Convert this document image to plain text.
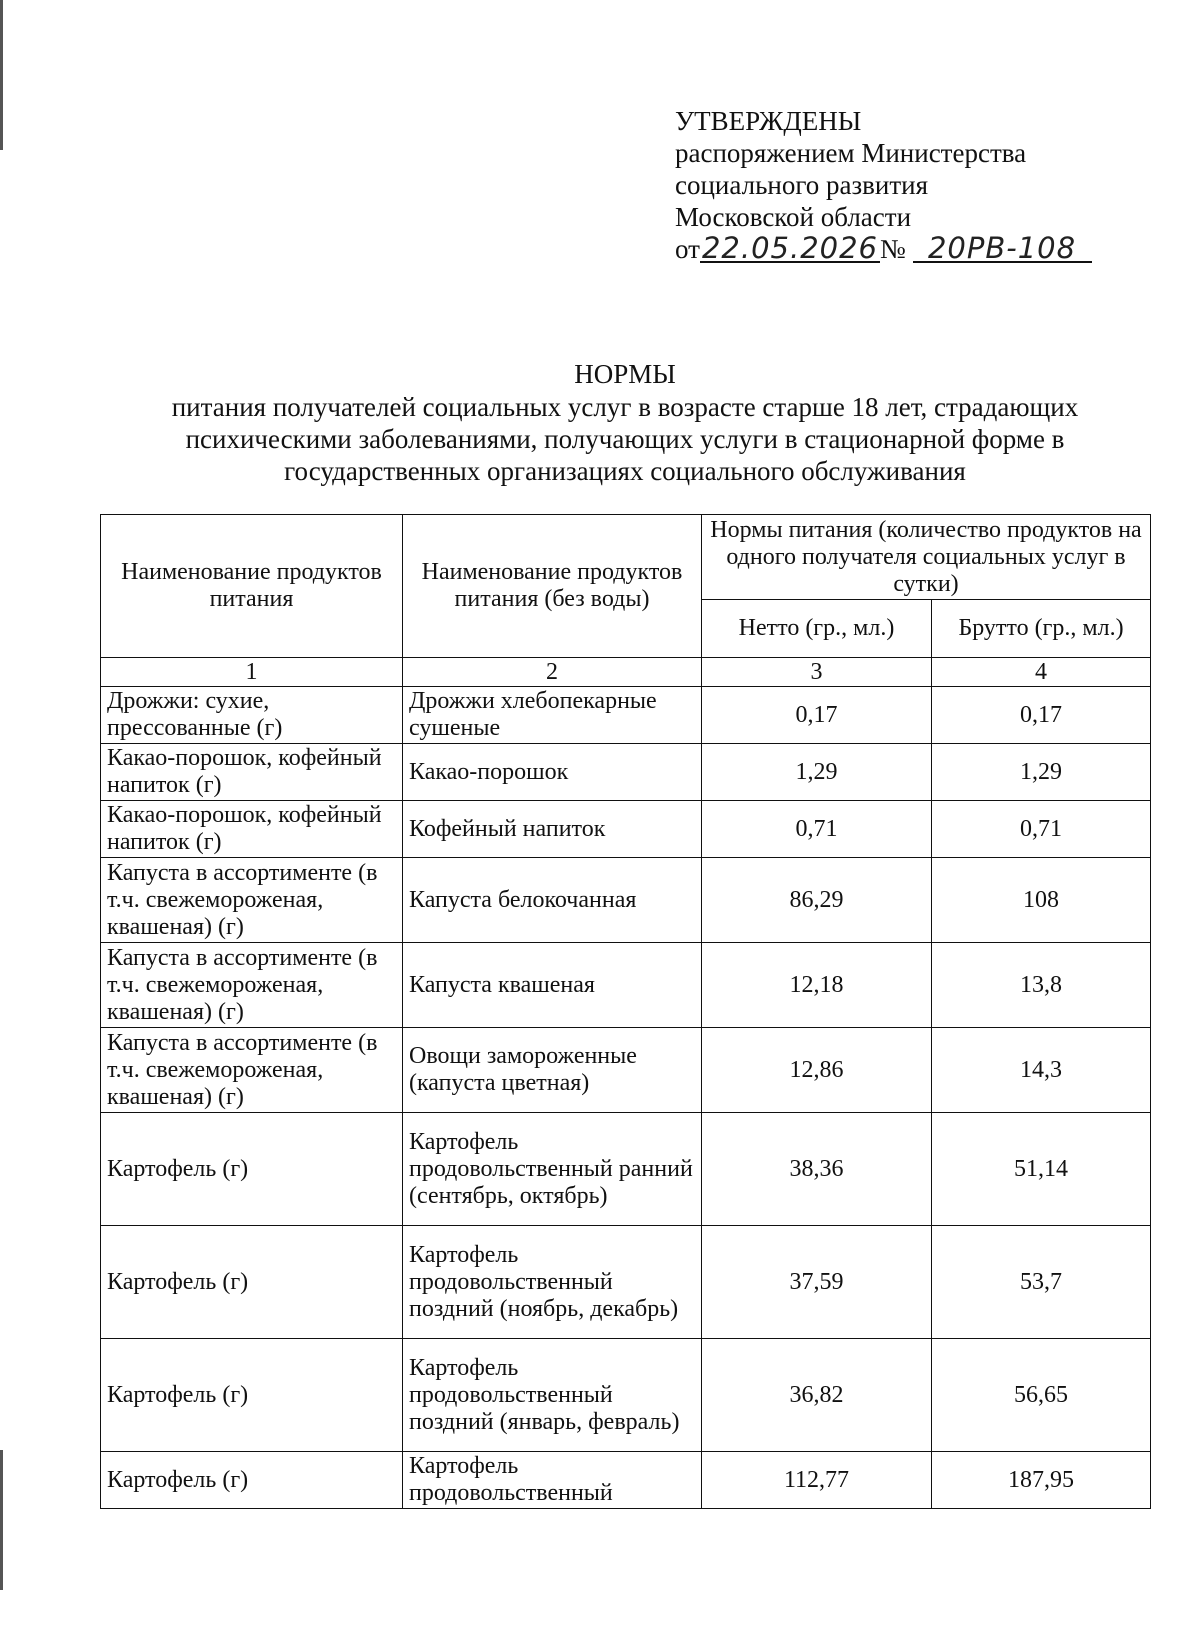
УТВЕРЖДЕНЫ
распоряжением Министерства
социального развития
Московской области
от22.05.2026№ 20РВ-108
НОРМЫ
питания получателей социальных услуг в возрасте старше 18 лет, страдающих
психическими заболеваниями, получающих услуги в стационарной форме в
государственных организациях социального обслуживания
Наименование продуктов питания	Наименование продуктов питания (без воды)	Нормы питания (количество продуктов на одного получателя социальных услуг в сутки)	
		Нетто (гр., мл.)	Брутто (гр., мл.)
1	2	3	4
Дрожжи: сухие, прессованные (г)	Дрожжи хлебопекарные сушеные	0,17	0,17
Какао-порошок, кофейный напиток (г)	Какао-порошок	1,29	1,29
Какао-порошок, кофейный напиток (г)	Кофейный напиток	0,71	0,71
Капуста в ассортименте (в т.ч. свежемороженая, квашеная) (г)	Капуста белокочанная	86,29	108
Капуста в ассортименте (в т.ч. свежемороженая, квашеная) (г)	Капуста квашеная	12,18	13,8
Капуста в ассортименте (в т.ч. свежемороженая, квашеная) (г)	Овощи замороженные (капуста цветная)	12,86	14,3
Картофель (г)	Картофель продовольственный ранний (сентябрь, октябрь)	38,36	51,14
Картофель (г)	Картофель продовольственный поздний (ноябрь, декабрь)	37,59	53,7
Картофель (г)	Картофель продовольственный поздний (январь, февраль)	36,82	56,65
Картофель (г)	Картофель продовольственный	112,77	187,95
